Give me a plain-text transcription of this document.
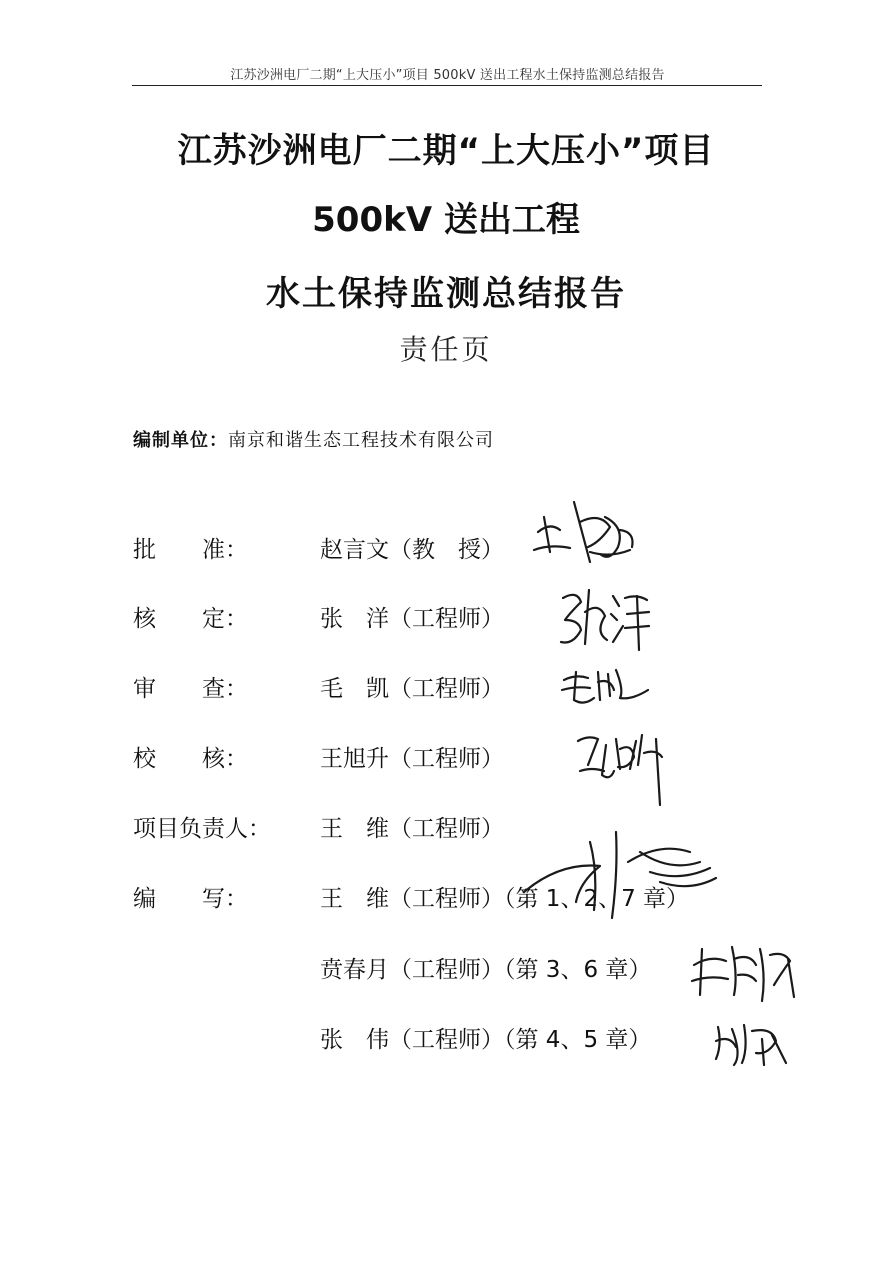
江苏沙洲电厂二期“上大压小”项目 500kV 送出工程水土保持监测总结报告
江苏沙洲电厂二期“上大压小”项目
500kV 送出工程
水土保持监测总结报告
责任页
编制单位：南京和谐生态工程技术有限公司
批　　准：	赵言文（教　授）
核　　定：	张　洋（工程师）
审　　查：	毛　凯（工程师）
校　　核：	王旭升（工程师）
项目负责人： 王　维（工程师）
编　　写：	王　维（工程师）（第 1、2、7 章）
贲春月（工程师）（第 3、6 章）
张　伟（工程师）（第 4、5 章）
